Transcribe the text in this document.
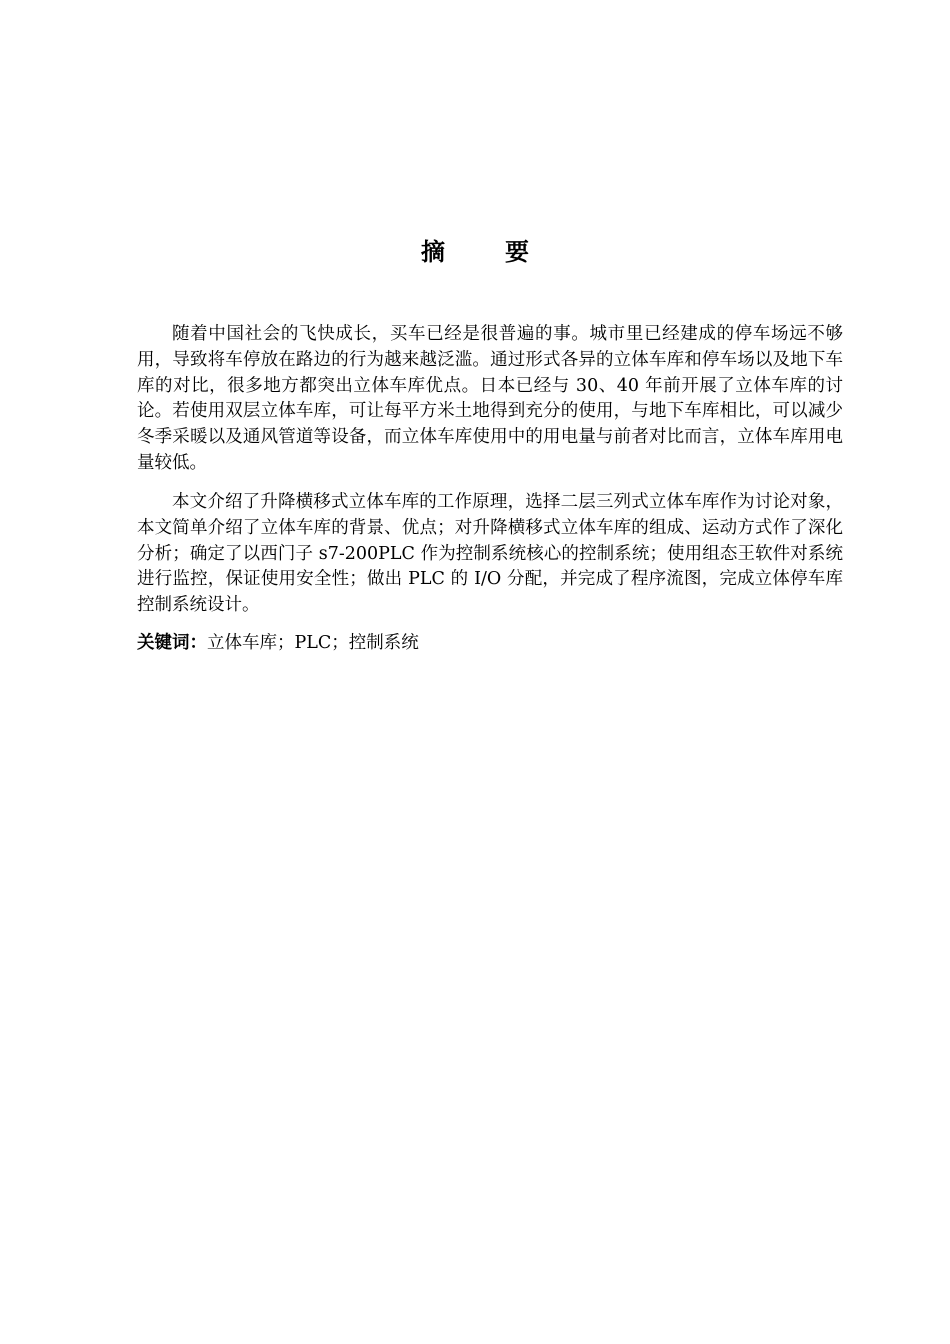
摘要

随着中国社会的飞快成长，买车已经是很普遍的事。城市里已经建成的停车场远不够用，导致将车停放在路边的行为越来越泛滥。通过形式各异的立体车库和停车场以及地下车库的对比，很多地方都突出立体车库优点。日本已经与 30、40 年前开展了立体车库的讨论。若使用双层立体车库，可让每平方米土地得到充分的使用，与地下车库相比，可以减少冬季采暖以及通风管道等设备，而立体车库使用中的用电量与前者对比而言，立体车库用电量较低。

本文介绍了升降横移式立体车库的工作原理，选择二层三列式立体车库作为讨论对象，本文简单介绍了立体车库的背景、优点；对升降横移式立体车库的组成、运动方式作了深化分析；确定了以西门子 s7-200PLC 作为控制系统核心的控制系统；使用组态王软件对系统进行监控，保证使用安全性；做出 PLC 的 I/O 分配，并完成了程序流图，完成立体停车库控制系统设计。

关键词：立体车库；PLC；控制系统
